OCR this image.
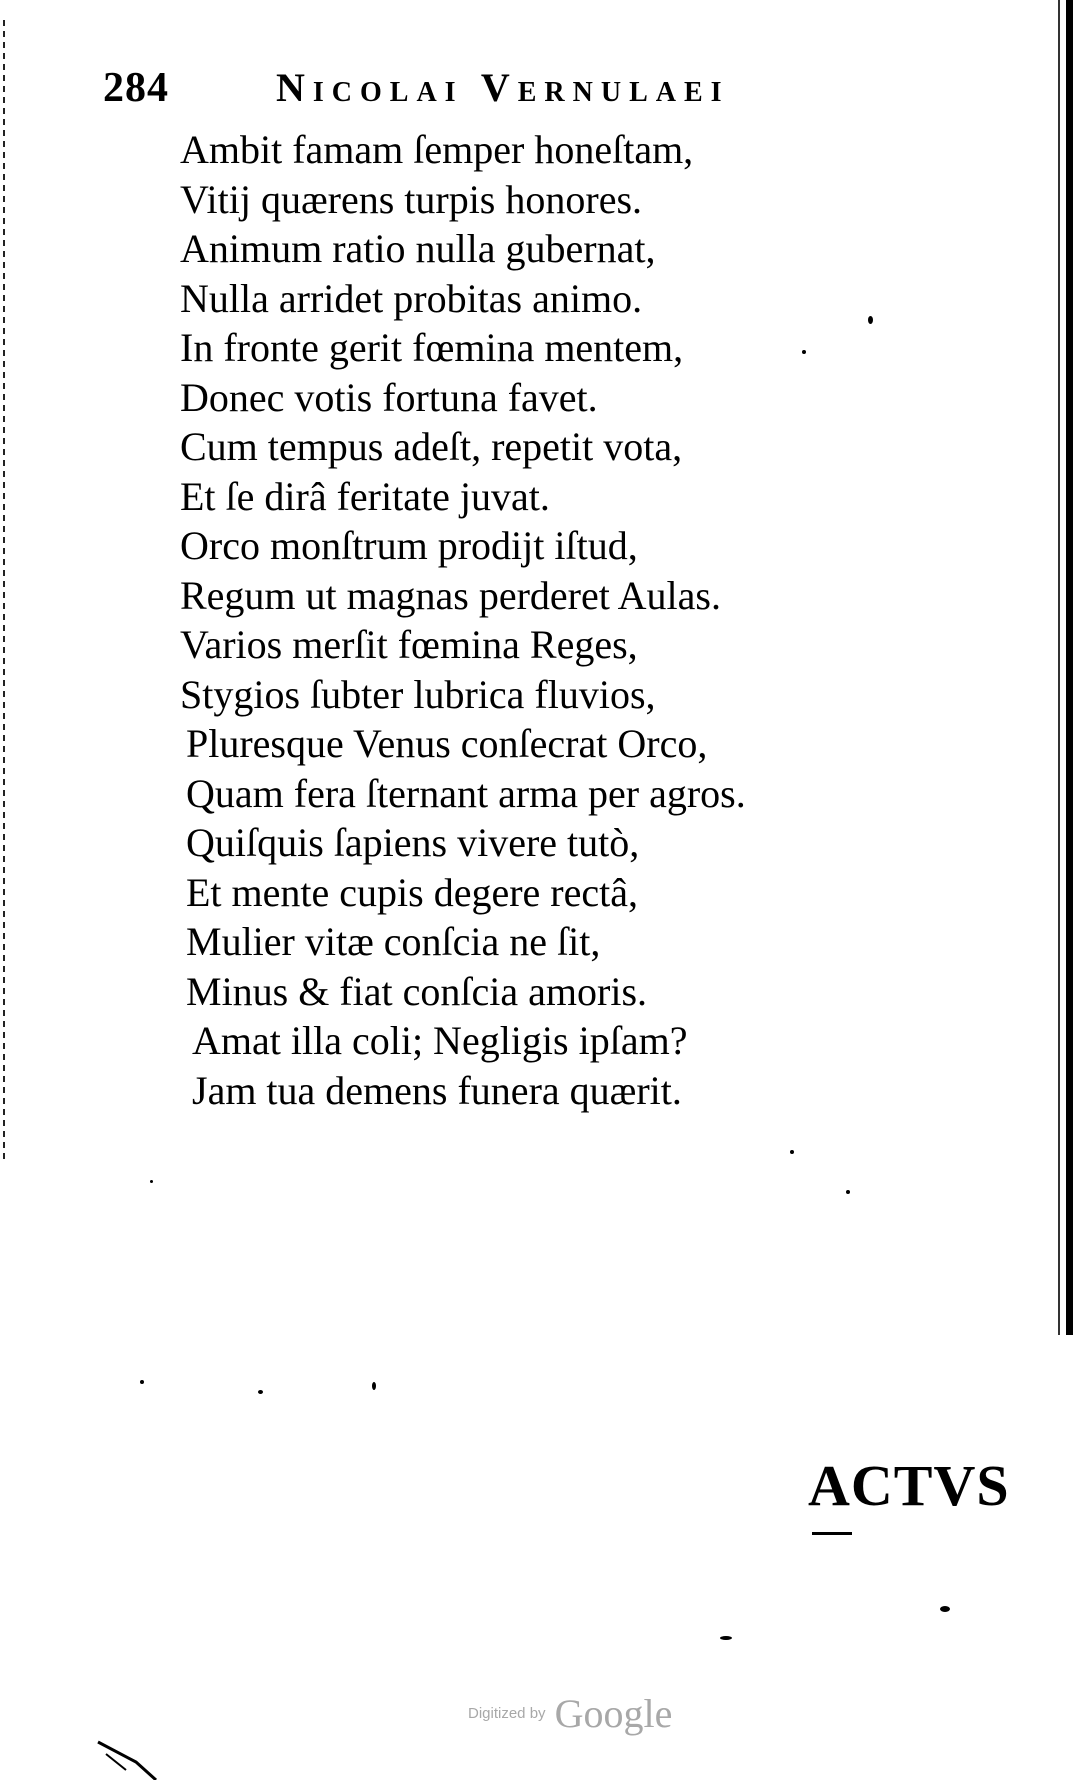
284	Nicolai Vernulaei
Ambit famam ſemper honeſtam,
Vitij quærens turpis honores.
Animum ratio nulla gubernat,
Nulla arridet probitas animo.
In fronte gerit fœmina mentem,
Donec votis fortuna favet.
Cum tempus adeſt, repetit vota,
Et ſe dirâ feritate juvat.
Orco monſtrum prodijt iſtud,
Regum ut magnas perderet Aulas.
Varios merſit fœmina Reges,
Stygios ſubter lubrica fluvios,
Pluresque Venus conſecrat Orco,
Quam fera ſternant arma per agros.
Quiſquis ſapiens vivere tutò,
Et mente cupis degere rectâ,
Mulier vitæ conſcia ne ſit,
Minus & fiat conſcia amoris.
Amat illa coli; Negligis ipſam?
Jam tua demens funera quærit.
ACTVS
Digitized by Google
